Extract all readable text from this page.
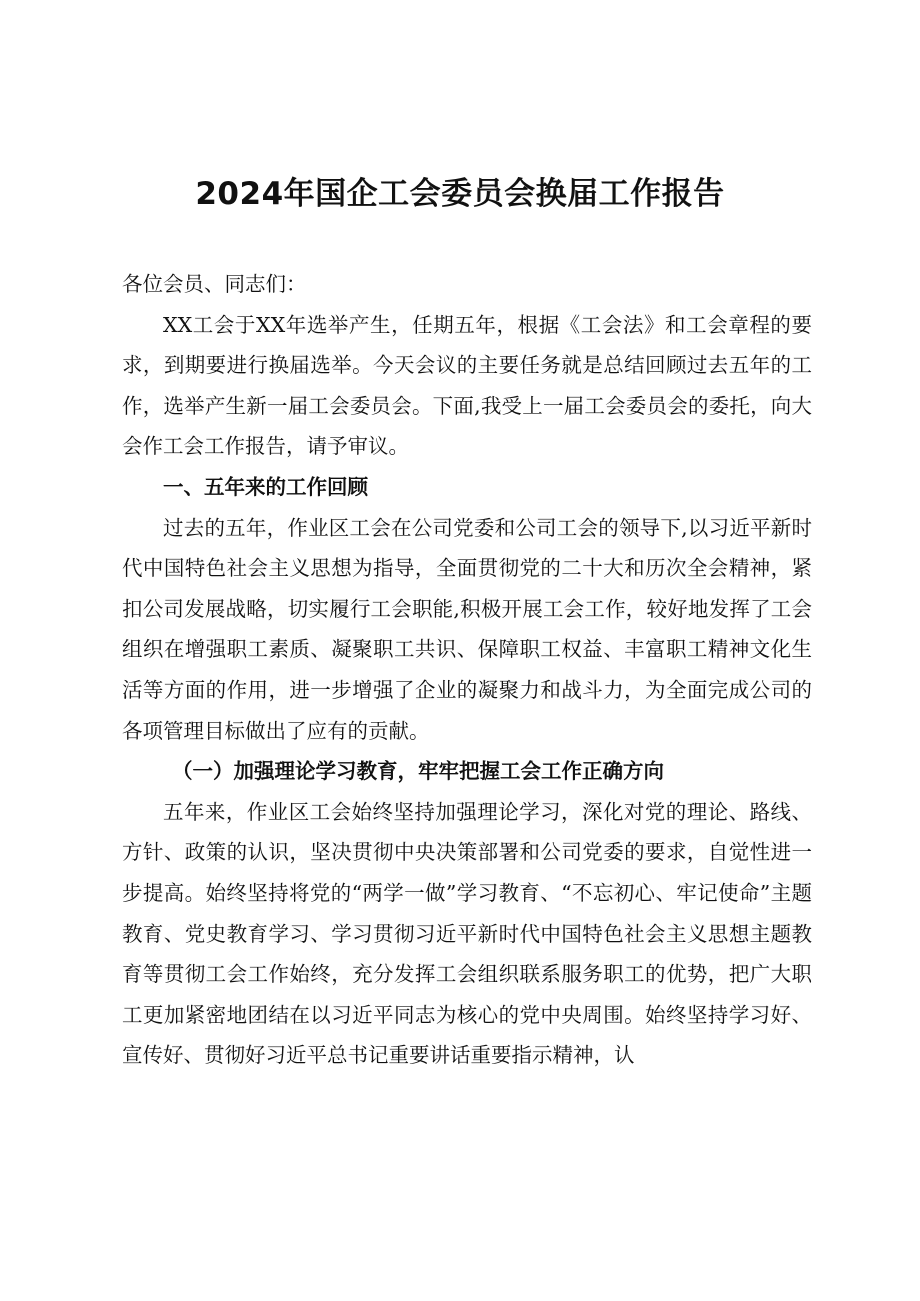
2024年国企工会委员会换届工作报告

各位会员、同志们：

XX工会于XX年选举产生，任期五年，根据《工会法》和工会章程的要求，到期要进行换届选举。今天会议的主要任务就是总结回顾过去五年的工作，选举产生新一届工会委员会。下面,我受上一届工会委员会的委托，向大会作工会工作报告，请予审议。

一、五年来的工作回顾

过去的五年，作业区工会在公司党委和公司工会的领导下,以习近平新时代中国特色社会主义思想为指导，全面贯彻党的二十大和历次全会精神，紧扣公司发展战略，切实履行工会职能,积极开展工会工作，较好地发挥了工会组织在增强职工素质、凝聚职工共识、保障职工权益、丰富职工精神文化生活等方面的作用，进一步增强了企业的凝聚力和战斗力，为全面完成公司的各项管理目标做出了应有的贡献。

（一）加强理论学习教育，牢牢把握工会工作正确方向

五年来，作业区工会始终坚持加强理论学习，深化对党的理论、路线、方针、政策的认识，坚决贯彻中央决策部署和公司党委的要求，自觉性进一步提高。始终坚持将党的“两学一做”学习教育、“不忘初心、牢记使命”主题教育、党史教育学习、学习贯彻习近平新时代中国特色社会主义思想主题教育等贯彻工会工作始终，充分发挥工会组织联系服务职工的优势，把广大职工更加紧密地团结在以习近平同志为核心的党中央周围。始终坚持学习好、宣传好、贯彻好习近平总书记重要讲话重要指示精神，认
